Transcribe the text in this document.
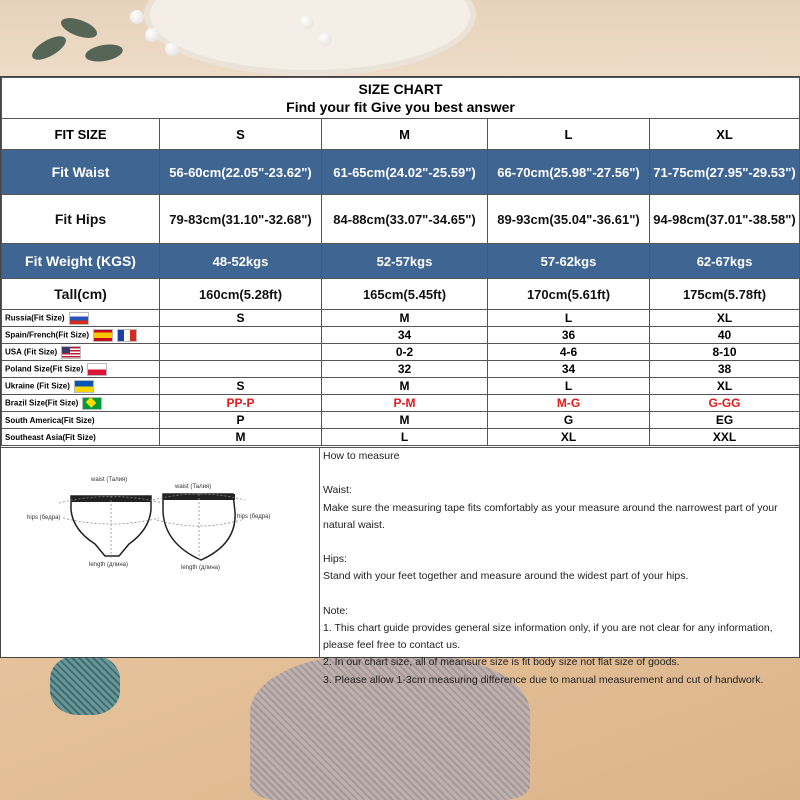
SIZE CHART
Find your fit Give you best answer				

FIT SIZE	S	M	L	XL
Fit Waist	56-60cm(22.05"-23.62")	61-65cm(24.02"-25.59")	66-70cm(25.98"-27.56")	71-75cm(27.95"-29.53")
Fit Hips	79-83cm(31.10"-32.68")	84-88cm(33.07"-34.65")	89-93cm(35.04"-36.61")	94-98cm(37.01"-38.58")
Fit Weight (KGS)	48-52kgs	52-57kgs	57-62kgs	62-67kgs
Tall(cm)	160cm(5.28ft)	165cm(5.45ft)	170cm(5.61ft)	175cm(5.78ft)
Russia(Fit Size)	S	M	L	XL
Spain/French(Fit Size)		34	36	40
USA (Fit Size)		0-2	4-6	8-10
Poland Size(Fit Size)		32	34	38
Ukraine (Fit Size)	S	M	L	XL
Brazil Size(Fit Size)	PP-P	P-M	M-G	G-GG
South America(Fit Size)	P	M	G	EG
Southeast Asia(Fit Size)	M	L	XL	XXL
waist (Талия)
waist (Талия)
hips (бедра)	hips (бедра)
length (длина)	length (длина)

How to measure

Waist:

Make sure the measuring tape fits comfortably as your measure around the narrowest part of your natural waist.

Hips:

Stand with your feet together and measure around the widest part of your hips.

Note:

1. This chart guide provides general size information only, if you are not clear for any information, please feel free to contact us.

2. In our chart size, all of meansure size is fit body size not flat size of goods.

3. Please allow 1-3cm measuring difference due to manual measurement and cut of handwork.
